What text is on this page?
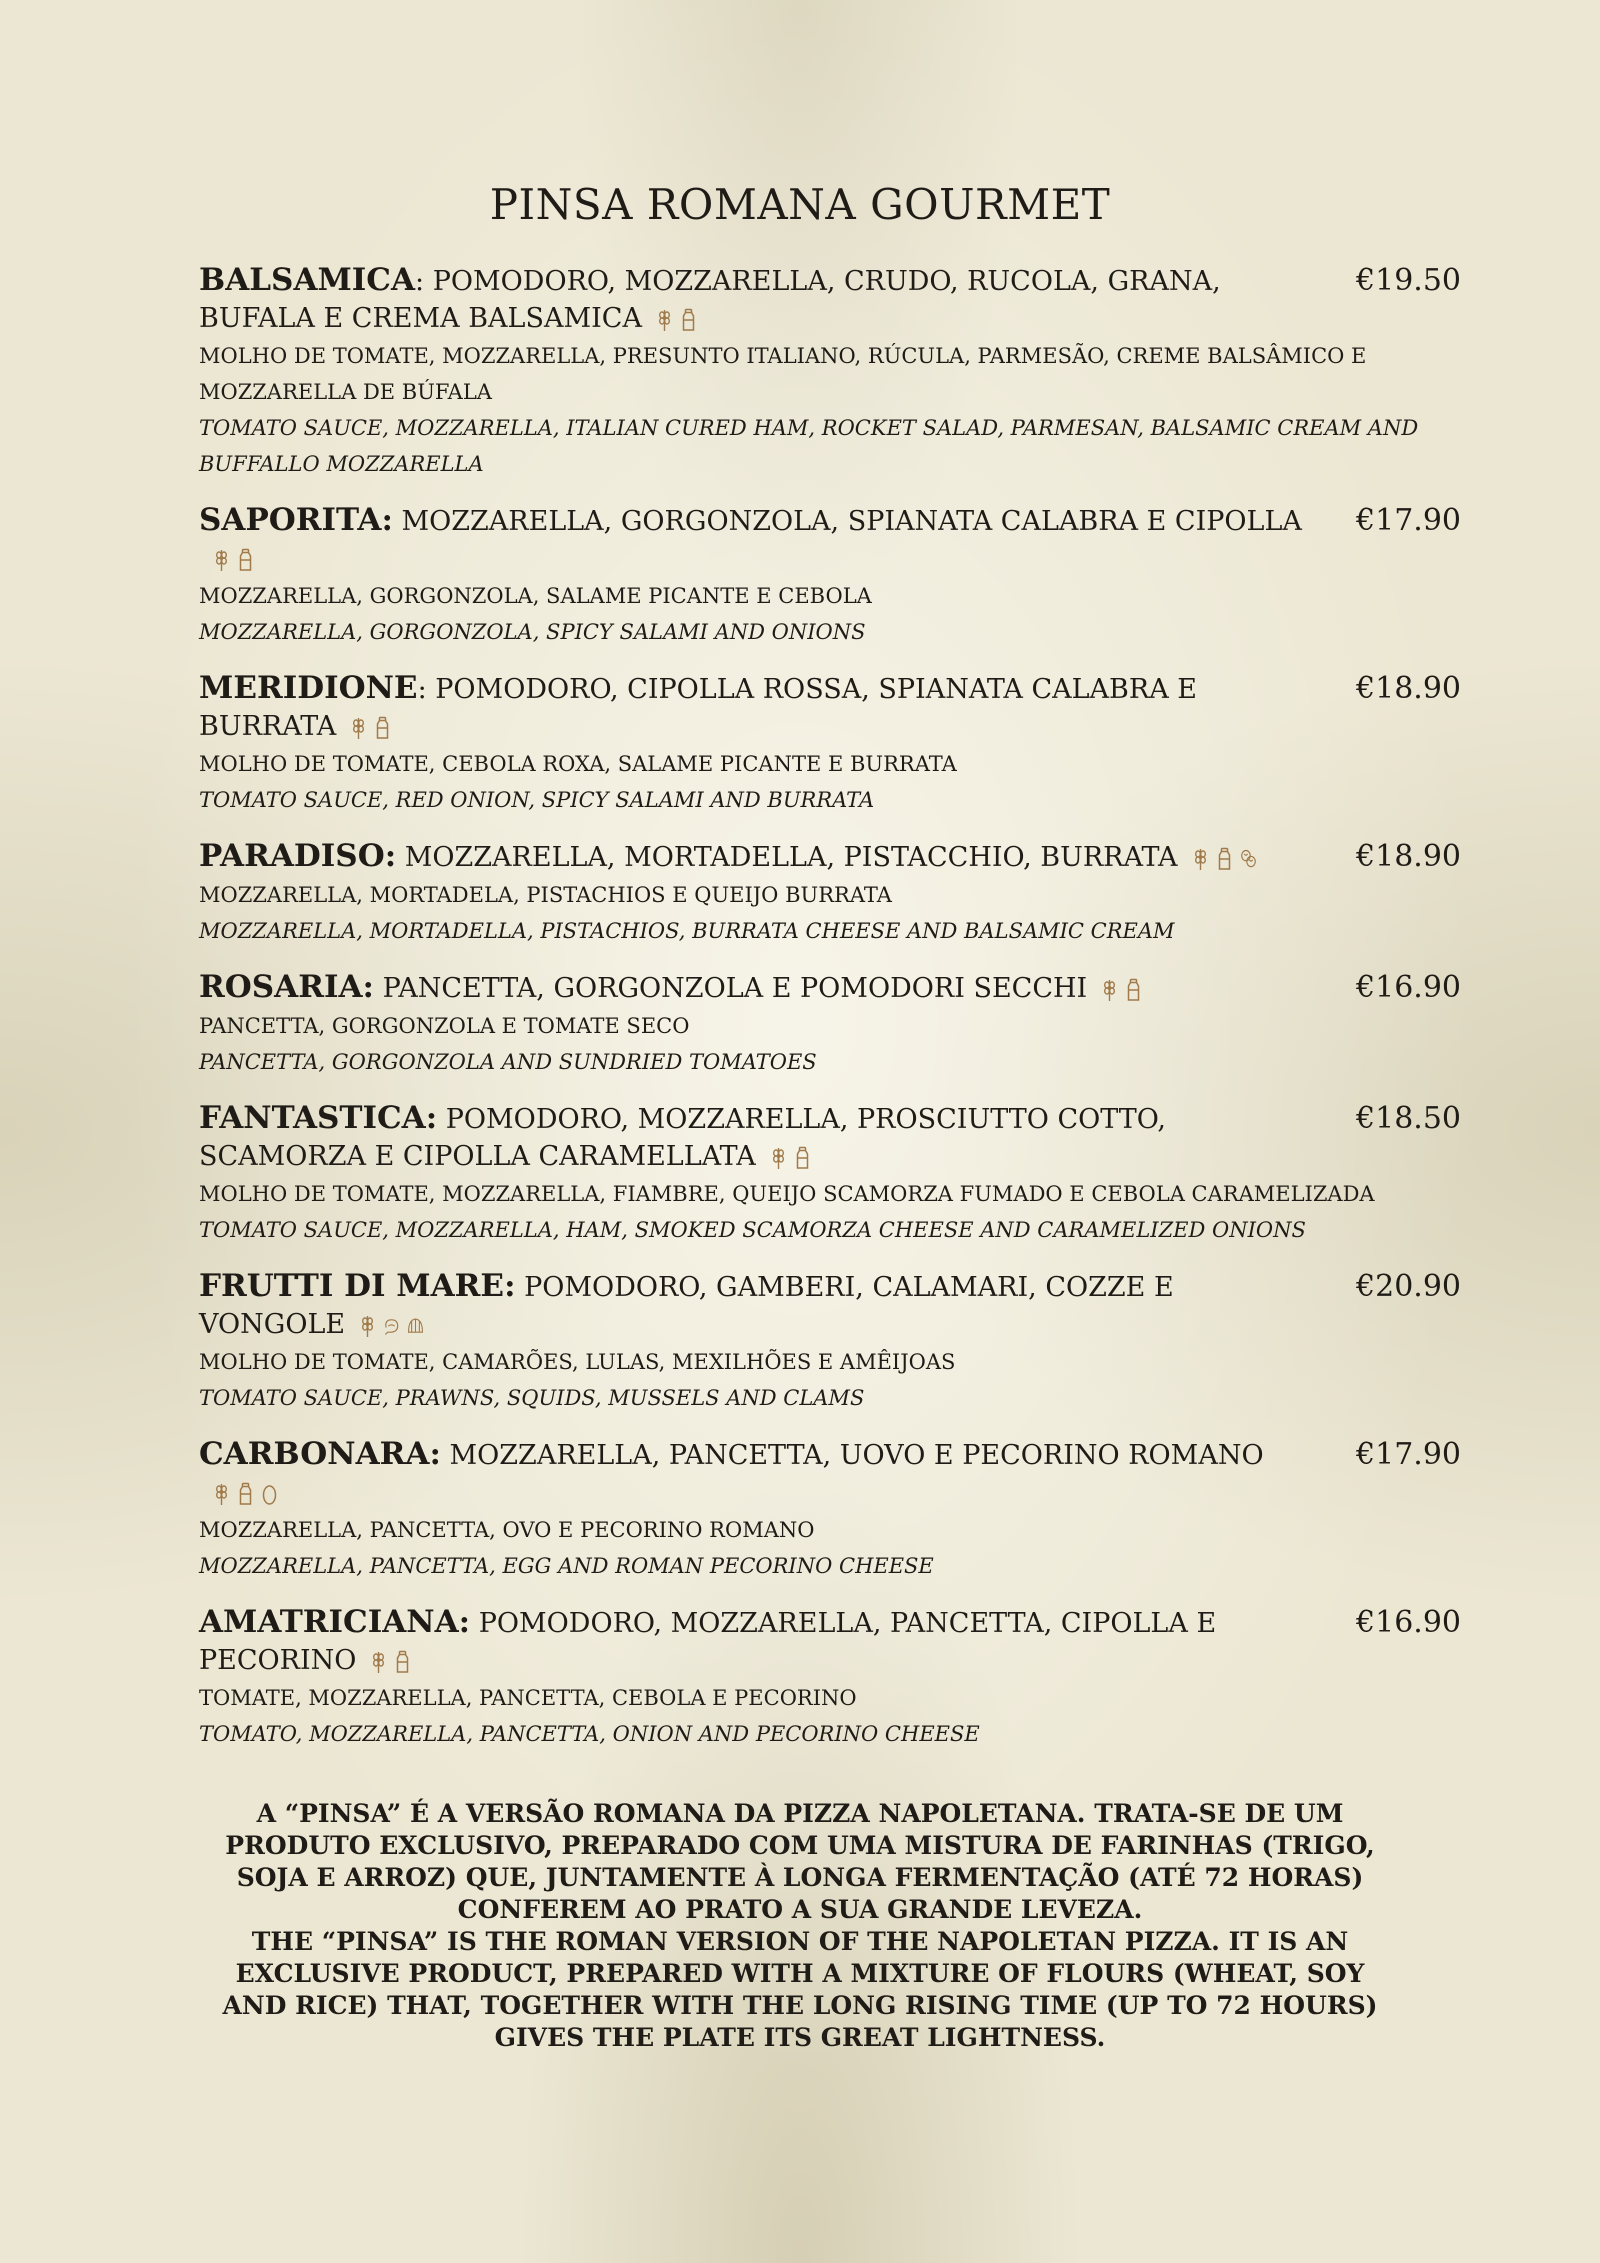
PINSA ROMANA GOURMET
BALSAMICA: POMODORO, MOZZARELLA, CRUDO, RUCOLA, GRANA, BUFALA E CREMA BALSAMICA
€19.50
MOLHO DE TOMATE, MOZZARELLA, PRESUNTO ITALIANO, RÚCULA, PARMESÃO, CREME BALSÂMICO E MOZZARELLA DE BÚFALA
TOMATO SAUCE, MOZZARELLA, ITALIAN CURED HAM, ROCKET SALAD, PARMESAN, BALSAMIC CREAM AND BUFFALLO MOZZARELLA
SAPORITA: MOZZARELLA, GORGONZOLA, SPIANATA CALABRA E CIPOLLA	€17.90
MOZZARELLA, GORGONZOLA, SALAME PICANTE E CEBOLA
MOZZARELLA, GORGONZOLA, SPICY SALAMI AND ONIONS
MERIDIONE: POMODORO, CIPOLLA ROSSA, SPIANATA CALABRA E BURRATA
€18.90
MOLHO DE TOMATE, CEBOLA ROXA, SALAME PICANTE E BURRATA
TOMATO SAUCE, RED ONION, SPICY SALAMI AND BURRATA
PARADISO: MOZZARELLA, MORTADELLA, PISTACCHIO, BURRATA	€18.90
MOZZARELLA, MORTADELA, PISTACHIOS E QUEIJO BURRATA
MOZZARELLA, MORTADELLA, PISTACHIOS, BURRATA CHEESE AND BALSAMIC CREAM
ROSARIA: PANCETTA, GORGONZOLA E POMODORI SECCHI	€16.90
PANCETTA, GORGONZOLA E TOMATE SECO
PANCETTA, GORGONZOLA AND SUNDRIED TOMATOES
FANTASTICA: POMODORO, MOZZARELLA, PROSCIUTTO COTTO, SCAMORZA E CIPOLLA CARAMELLATA
€18.50
MOLHO DE TOMATE, MOZZARELLA, FIAMBRE, QUEIJO SCAMORZA FUMADO E CEBOLA CARAMELIZADA
TOMATO SAUCE, MOZZARELLA, HAM, SMOKED SCAMORZA CHEESE AND CARAMELIZED ONIONS
FRUTTI DI MARE: POMODORO, GAMBERI, CALAMARI, COZZE E VONGOLE
€20.90
MOLHO DE TOMATE, CAMARÕES, LULAS, MEXILHÕES E AMÊIJOAS
TOMATO SAUCE, PRAWNS, SQUIDS, MUSSELS AND CLAMS
CARBONARA: MOZZARELLA, PANCETTA, UOVO E PECORINO ROMANO	€17.90
MOZZARELLA, PANCETTA, OVO E PECORINO ROMANO
MOZZARELLA, PANCETTA, EGG AND ROMAN PECORINO CHEESE
AMATRICIANA: POMODORO, MOZZARELLA, PANCETTA, CIPOLLA E PECORINO
€16.90
TOMATE, MOZZARELLA, PANCETTA, CEBOLA E PECORINO
TOMATO, MOZZARELLA, PANCETTA, ONION AND PECORINO CHEESE
A “PINSA” É A VERSÃO ROMANA DA PIZZA NAPOLETANA. TRATA-SE DE UM PRODUTO EXCLUSIVO, PREPARADO COM UMA MISTURA DE FARINHAS (TRIGO, SOJA E ARROZ) QUE, JUNTAMENTE À LONGA FERMENTAÇÃO (ATÉ 72 HORAS) CONFEREM AO PRATO A SUA GRANDE LEVEZA.
THE “PINSA” IS THE ROMAN VERSION OF THE NAPOLETAN PIZZA. IT IS AN EXCLUSIVE PRODUCT, PREPARED WITH A MIXTURE OF FLOURS (WHEAT, SOY AND RICE) THAT, TOGETHER WITH THE LONG RISING TIME (UP TO 72 HOURS) GIVES THE PLATE ITS GREAT LIGHTNESS.
